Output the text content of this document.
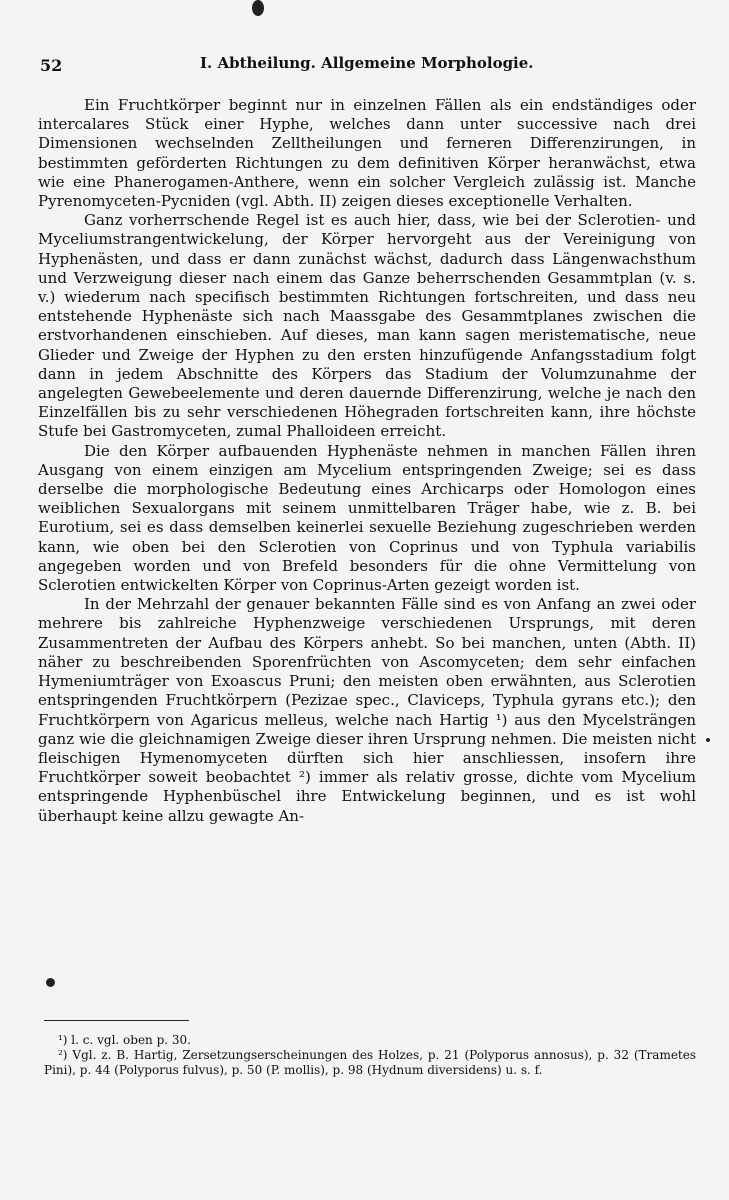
52	I. Abtheilung. Allgemeine Morphologie.

Ein Fruchtkörper beginnt nur in einzelnen Fällen als ein endständiges oder intercalares Stück einer Hyphe, welches dann unter successive nach drei Dimensionen wechselnden Zelltheilungen und ferneren Differenzirungen, in bestimmten geförderten Richtungen zu dem definitiven Körper heranwächst, etwa wie eine Phanerogamen-Anthere, wenn ein solcher Vergleich zulässig ist. Manche Pyrenomyceten-Pycniden (vgl. Abth. II) zeigen dieses exceptionelle Verhalten.

Ganz vorherrschende Regel ist es auch hier, dass, wie bei der Sclerotien- und Myceliumstrangentwickelung, der Körper hervorgeht aus der Vereinigung von Hyphenästen, und dass er dann zunächst wächst, dadurch dass Längenwachsthum und Verzweigung dieser nach einem das Ganze beherrschenden Gesammtplan (v. s. v.) wiederum nach specifisch bestimmten Richtungen fortschreiten, und dass neu entstehende Hyphenäste sich nach Maassgabe des Gesammtplanes zwischen die erstvorhandenen einschieben. Auf dieses, man kann sagen meristematische, neue Glieder und Zweige der Hyphen zu den ersten hinzufügende Anfangsstadium folgt dann in jedem Abschnitte des Körpers das Stadium der Volumzunahme der angelegten Gewebeelemente und deren dauernde Differenzirung, welche je nach den Einzelfällen bis zu sehr verschiedenen Höhegraden fortschreiten kann, ihre höchste Stufe bei Gastromyceten, zumal Phalloideen erreicht.

Die den Körper aufbauenden Hyphenäste nehmen in manchen Fällen ihren Ausgang von einem einzigen am Mycelium entspringenden Zweige; sei es dass derselbe die morphologische Bedeutung eines Archicarps oder Homologon eines weiblichen Sexualorgans mit seinem unmittelbaren Träger habe, wie z. B. bei Eurotium, sei es dass demselben keinerlei sexuelle Beziehung zugeschrieben werden kann, wie oben bei den Sclerotien von Coprinus und von Typhula variabilis angegeben worden und von Brefeld besonders für die ohne Vermittelung von Sclerotien entwickelten Körper von Coprinus-Arten gezeigt worden ist.

In der Mehrzahl der genauer bekannten Fälle sind es von Anfang an zwei oder mehrere bis zahlreiche Hyphenzweige verschiedenen Ursprungs, mit deren Zusammentreten der Aufbau des Körpers anhebt. So bei manchen, unten (Abth. II) näher zu beschreibenden Sporenfrüchten von Ascomyceten; dem sehr einfachen Hymeniumträger von Exoascus Pruni; den meisten oben erwähnten, aus Sclerotien entspringenden Fruchtkörpern (Pezizae spec., Claviceps, Typhula gyrans etc.); den Fruchtkörpern von Agaricus melleus, welche nach Hartig ¹) aus den Mycelsträngen ganz wie die gleichnamigen Zweige dieser ihren Ursprung nehmen. Die meisten nicht fleischigen Hymenomyceten dürften sich hier anschliessen, insofern ihre Fruchtkörper soweit beobachtet ²) immer als relativ grosse, dichte vom Mycelium entspringende Hyphenbüschel ihre Entwickelung beginnen, und es ist wohl überhaupt keine allzu gewagte An-

¹) l. c. vgl. oben p. 30.

²) Vgl. z. B. Hartig, Zersetzungserscheinungen des Holzes, p. 21 (Polyporus annosus), p. 32 (Trametes Pini), p. 44 (Polyporus fulvus), p. 50 (P. mollis), p. 98 (Hydnum diversidens) u. s. f.
